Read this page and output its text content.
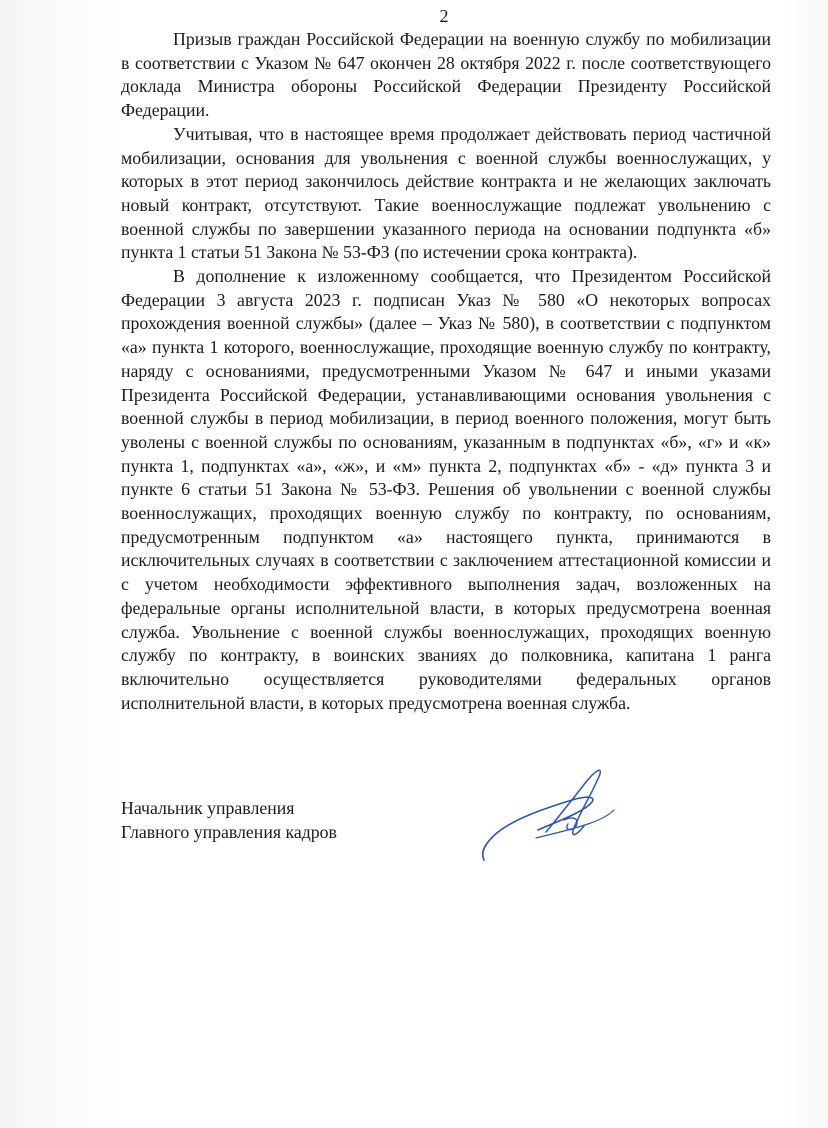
2

Призыв граждан Российской Федерации на военную службу по мобилизации в соответствии с Указом № 647 окончен 28 октября 2022 г. после соответствующего доклада Министра обороны Российской Федерации Президенту Российской Федерации.

Учитывая, что в настоящее время продолжает действовать период частичной мобилизации, основания для увольнения с военной службы военнослужащих, у которых в этот период закончилось действие контракта и не желающих заключать новый контракт, отсутствуют. Такие военнослужащие подлежат увольнению с военной службы по завершении указанного периода на основании подпункта «б» пункта 1 статьи 51 Закона № 53-ФЗ (по истечении срока контракта).

В дополнение к изложенному сообщается, что Президентом Российской Федерации 3 августа 2023 г. подписан Указ № 580 «О некоторых вопросах прохождения военной службы» (далее – Указ № 580), в соответствии с подпунктом «а» пункта 1 которого, военнослужащие, проходящие военную службу по контракту, наряду с основаниями, предусмотренными Указом № 647 и иными указами Президента Российской Федерации, устанавливающими основания увольнения с военной службы в период мобилизации, в период военного положения, могут быть уволены с военной службы по основаниям, указанным в подпунктах «б», «г» и «к» пункта 1, подпунктах «а», «ж», и «м» пункта 2, подпунктах «б» - «д» пункта 3 и пункте 6 статьи 51 Закона № 53-ФЗ. Решения об увольнении с военной службы военнослужащих, проходящих военную службу по контракту, по основаниям, предусмотренным подпунктом «а» настоящего пункта, принимаются в исключительных случаях в соответствии с заключением аттестационной комиссии и с учетом необходимости эффективного выполнения задач, возложенных на федеральные органы исполнительной власти, в которых предусмотрена военная служба. Увольнение с военной службы военнослужащих, проходящих военную службу по контракту, в воинских званиях до полковника, капитана 1 ранга включительно осуществляется руководителями федеральных органов исполнительной власти, в которых предусмотрена военная служба.

Начальник управления
Главного управления кадров
